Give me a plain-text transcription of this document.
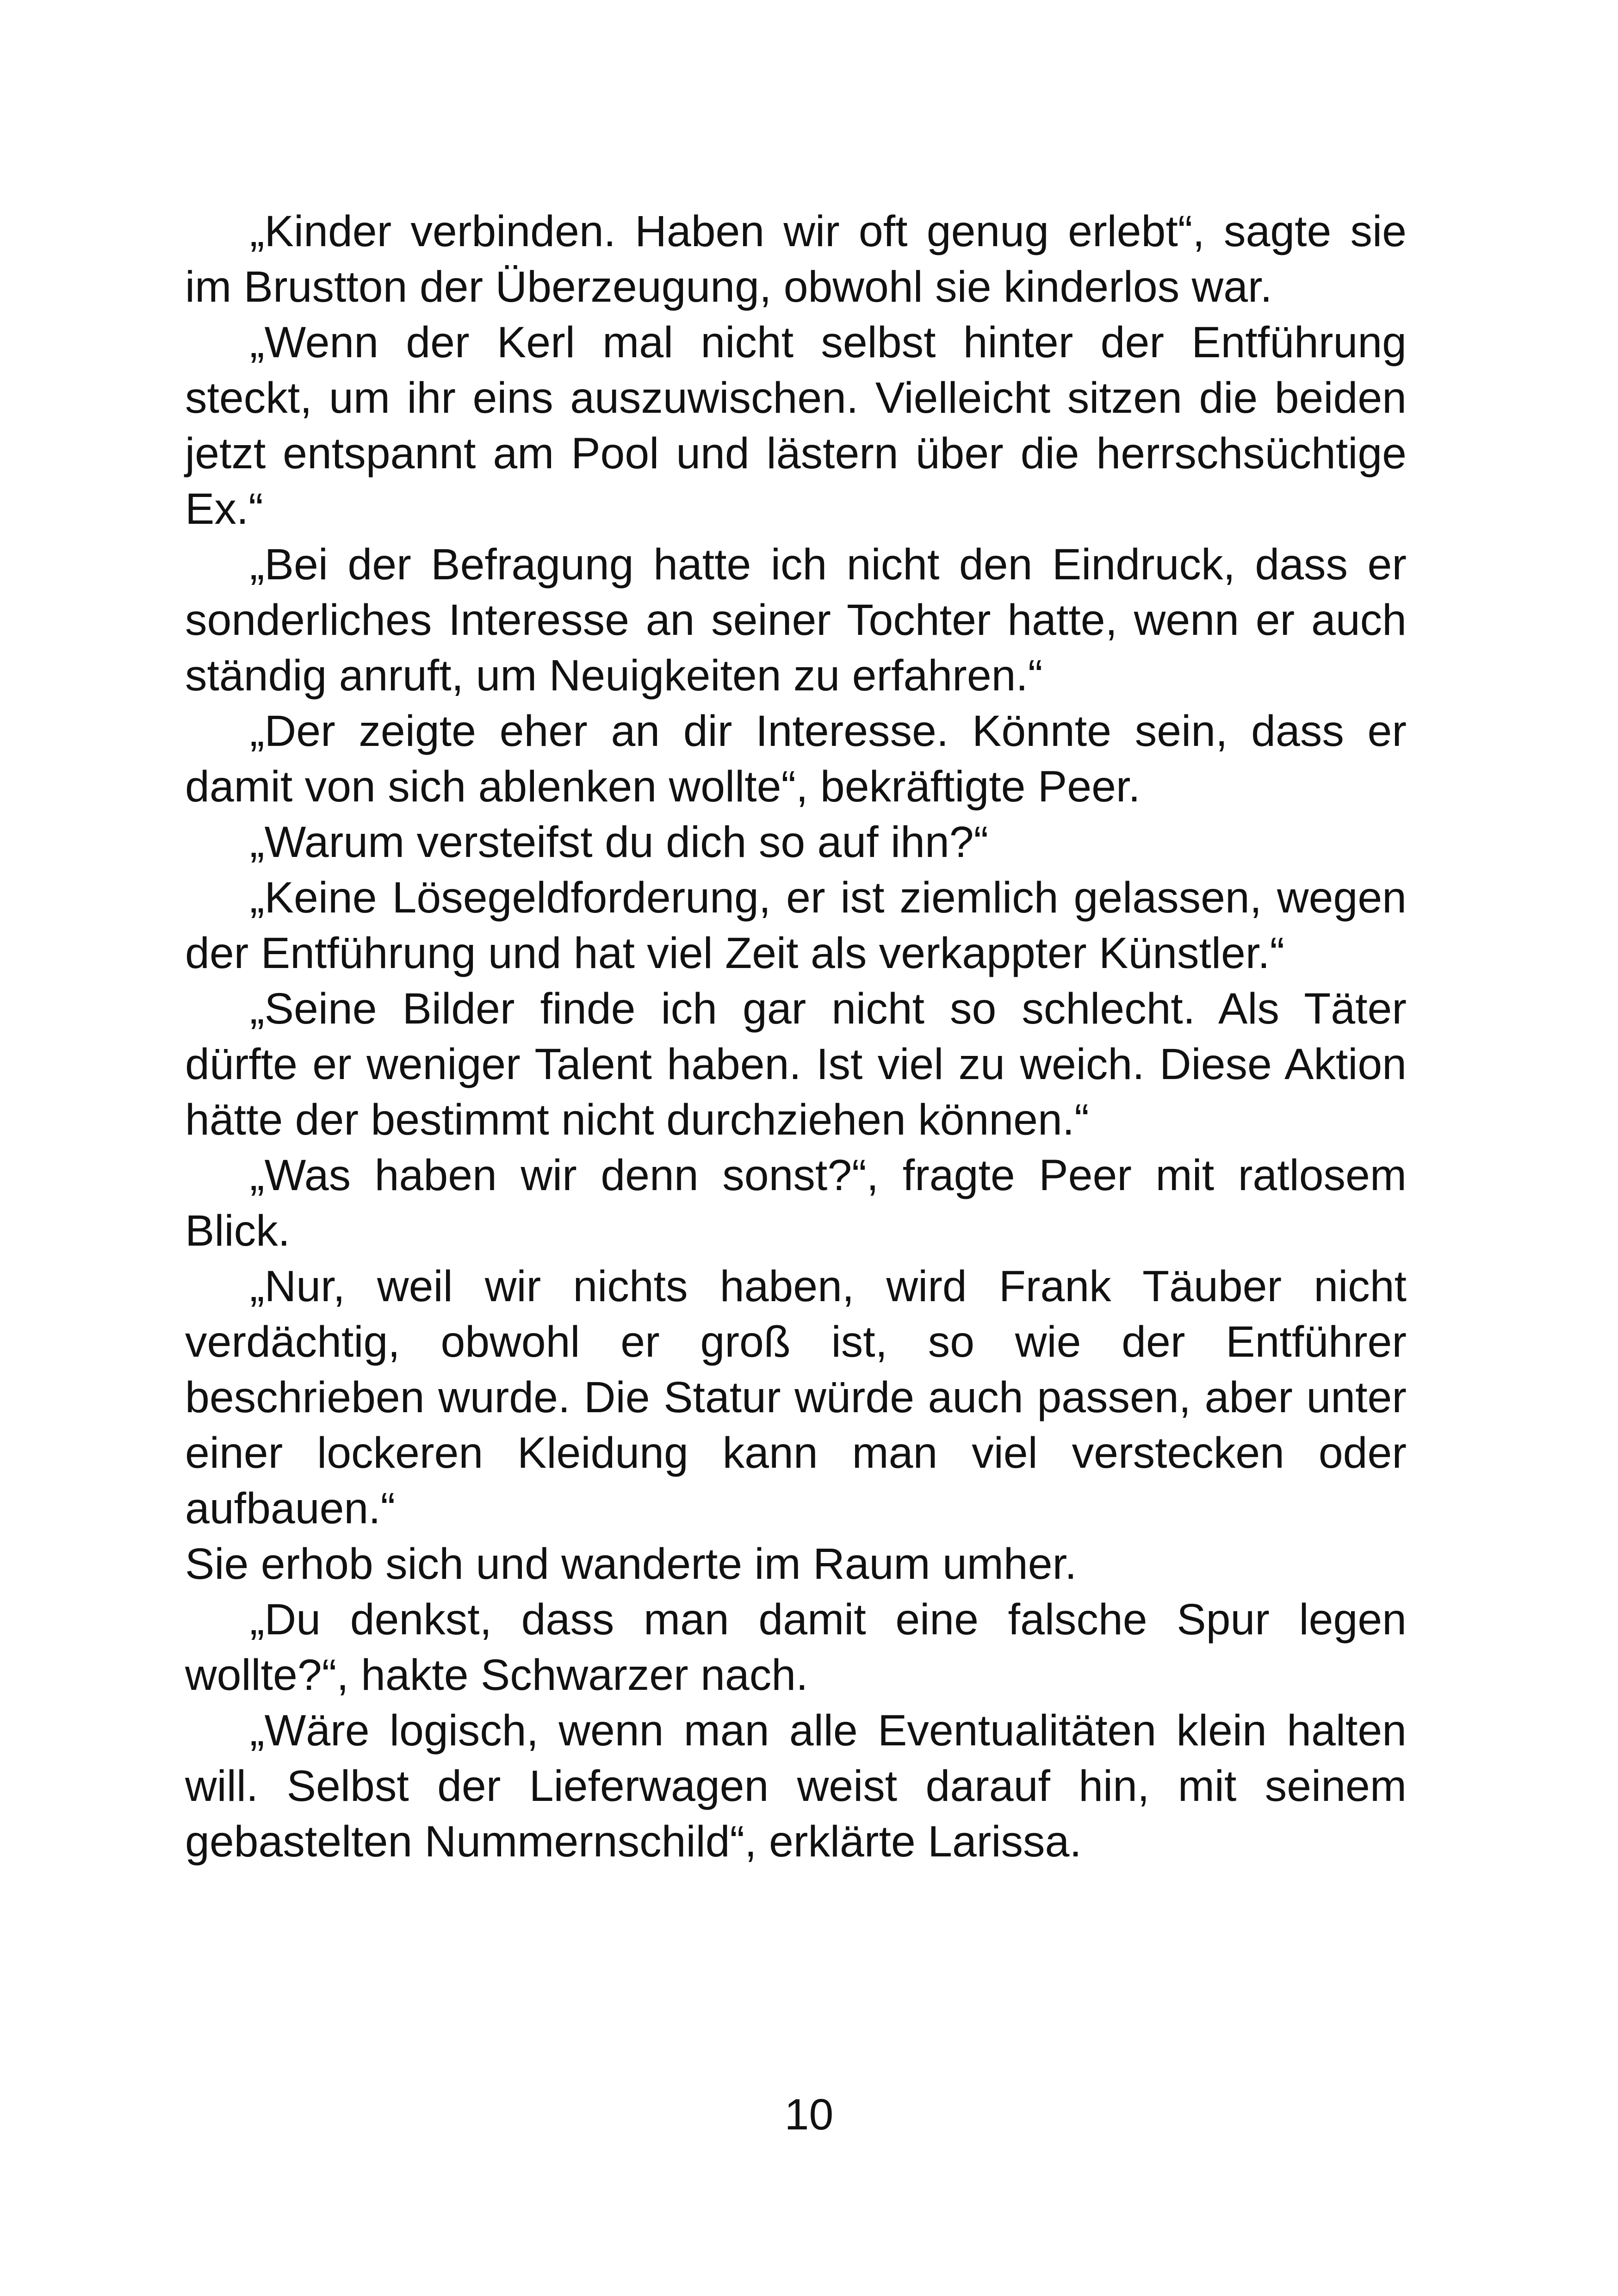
„Kinder verbinden. Haben wir oft genug erlebt“, sagte sie im Brustton der Überzeugung, obwohl sie kinderlos war.

„Wenn der Kerl mal nicht selbst hinter der Entführung steckt, um ihr eins auszuwischen. Vielleicht sitzen die beiden jetzt entspannt am Pool und lästern über die herrschsüchtige Ex.“

„Bei der Befragung hatte ich nicht den Eindruck, dass er sonderliches Interesse an seiner Tochter hatte, wenn er auch ständig anruft, um Neuigkeiten zu erfahren.“

„Der zeigte eher an dir Interesse. Könnte sein, dass er damit von sich ablenken wollte“, bekräftigte Peer.

„Warum versteifst du dich so auf ihn?“

„Keine Lösegeldforderung, er ist ziemlich gelassen, wegen der Entführung und hat viel Zeit als verkappter Künstler.“

„Seine Bilder finde ich gar nicht so schlecht. Als Täter dürfte er weniger Talent haben. Ist viel zu weich. Diese Aktion hätte der bestimmt nicht durchziehen können.“

„Was haben wir denn sonst?“, fragte Peer mit ratlosem Blick.

„Nur, weil wir nichts haben, wird Frank Täuber nicht verdächtig, obwohl er groß ist, so wie der Entführer beschrieben wurde. Die Statur würde auch passen, aber unter einer lockeren Kleidung kann man viel verstecken oder aufbauen.“

Sie erhob sich und wanderte im Raum umher.

„Du denkst, dass man damit eine falsche Spur legen wollte?“, hakte Schwarzer nach.

„Wäre logisch, wenn man alle Eventualitäten klein halten will. Selbst der Lieferwagen weist darauf hin, mit seinem gebastelten Nummernschild“, erklärte Larissa.

10
